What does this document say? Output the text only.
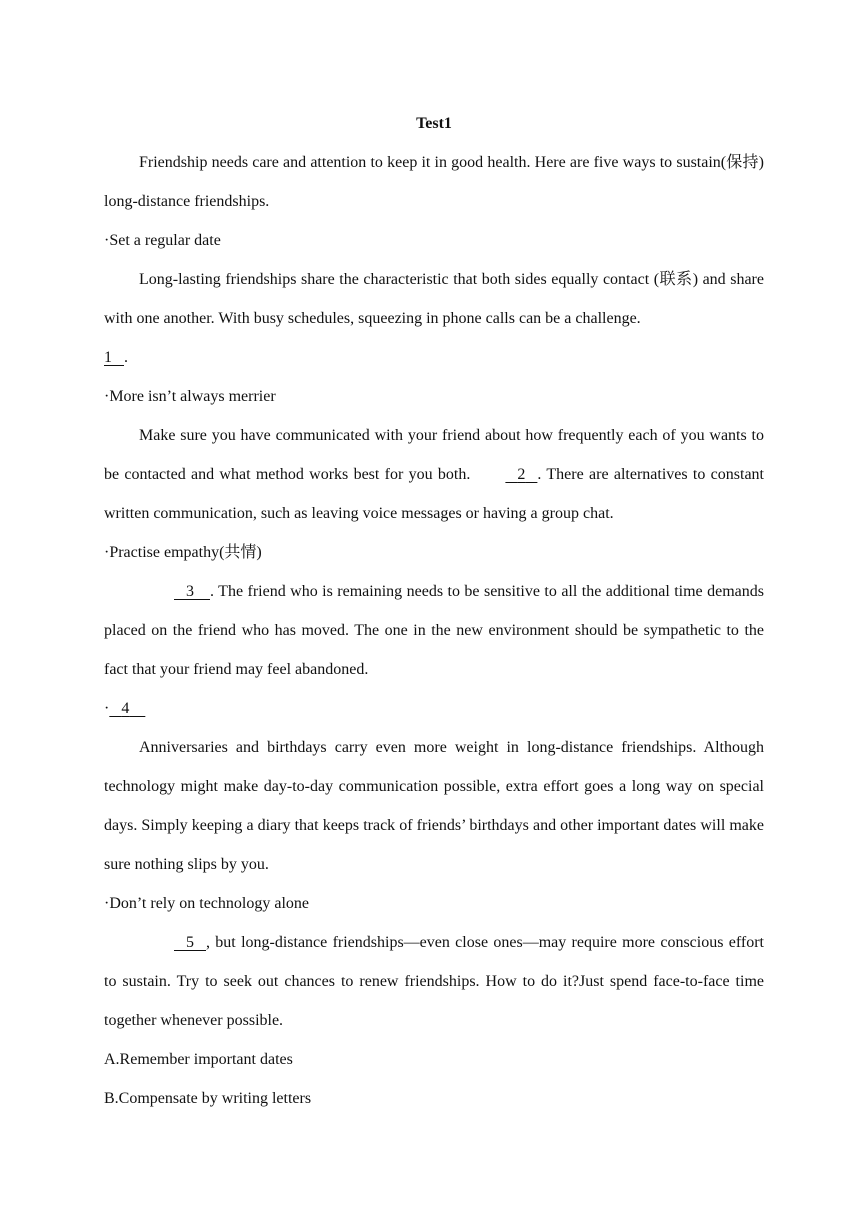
Test1

Friendship needs care and attention to keep it in good health. Here are five ways to sustain(保持) long-distance friendships.

·Set a regular date

Long-lasting friendships share the characteristic that both sides equally contact (联系) and share with one another. With busy schedules, squeezing in phone calls can be a challenge.

1 .

·More isn’t always merrier

Make sure you have communicated with your friend about how frequently each of you wants to be contacted and what method works best for you both.	2 . There are alternatives to constant written communication, such as leaving voice messages or having a group chat.

·Practise empathy(共情)

3 . The friend who is remaining needs to be sensitive to all the additional time demands placed on the friend who has moved. The one in the new environment should be sympathetic to the fact that your friend may feel abandoned.

· 4

Anniversaries and birthdays carry even more weight in long-distance friendships. Although technology might make day-to-day communication possible, extra effort goes a long way on special days. Simply keeping a diary that keeps track of friends’ birthdays and other important dates will make sure nothing slips by you.

·Don’t rely on technology alone

5 , but long-distance friendships—even close ones—may require more conscious effort to sustain. Try to seek out chances to renew friendships. How to do it?Just spend face-to-face time together whenever possible.

A.Remember important dates

B.Compensate by writing letters
